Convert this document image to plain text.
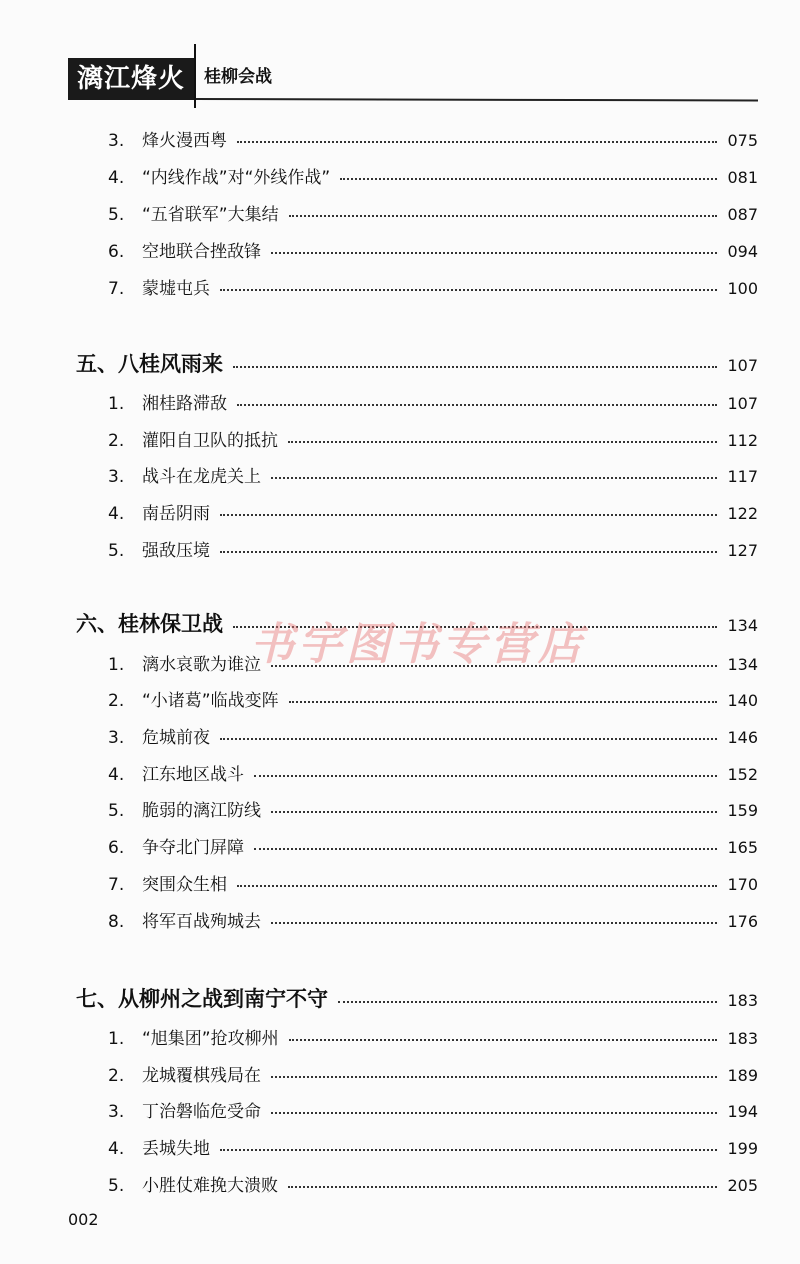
漓江烽火	桂柳会战
3.	烽火漫西粤	075
4.	“内线作战”对“外线作战”	081
5.	“五省联军”大集结	087
6.	空地联合挫敌锋	094
7.	蒙墟屯兵	100
五、八桂风雨来	107
1.	湘桂路滞敌	107
2.	灌阳自卫队的抵抗	112
3.	战斗在龙虎关上	117
4.	南岳阴雨	122
5.	强敌压境	127
六、桂林保卫战	134
1.	漓水哀歌为谁泣	134
2.	“小诸葛”临战变阵	140
3.	危城前夜	146
4.	江东地区战斗	152
5.	脆弱的漓江防线	159
6.	争夺北门屏障	165
7.	突围众生相	170
8.	将军百战殉城去	176
七、从柳州之战到南宁不守	183
1.	“旭集团”抢攻柳州	183
2.	龙城覆棋残局在	189
3.	丁治磐临危受命	194
4.	丢城失地	199
5.	小胜仗难挽大溃败	205
书宇图书专营店
002
